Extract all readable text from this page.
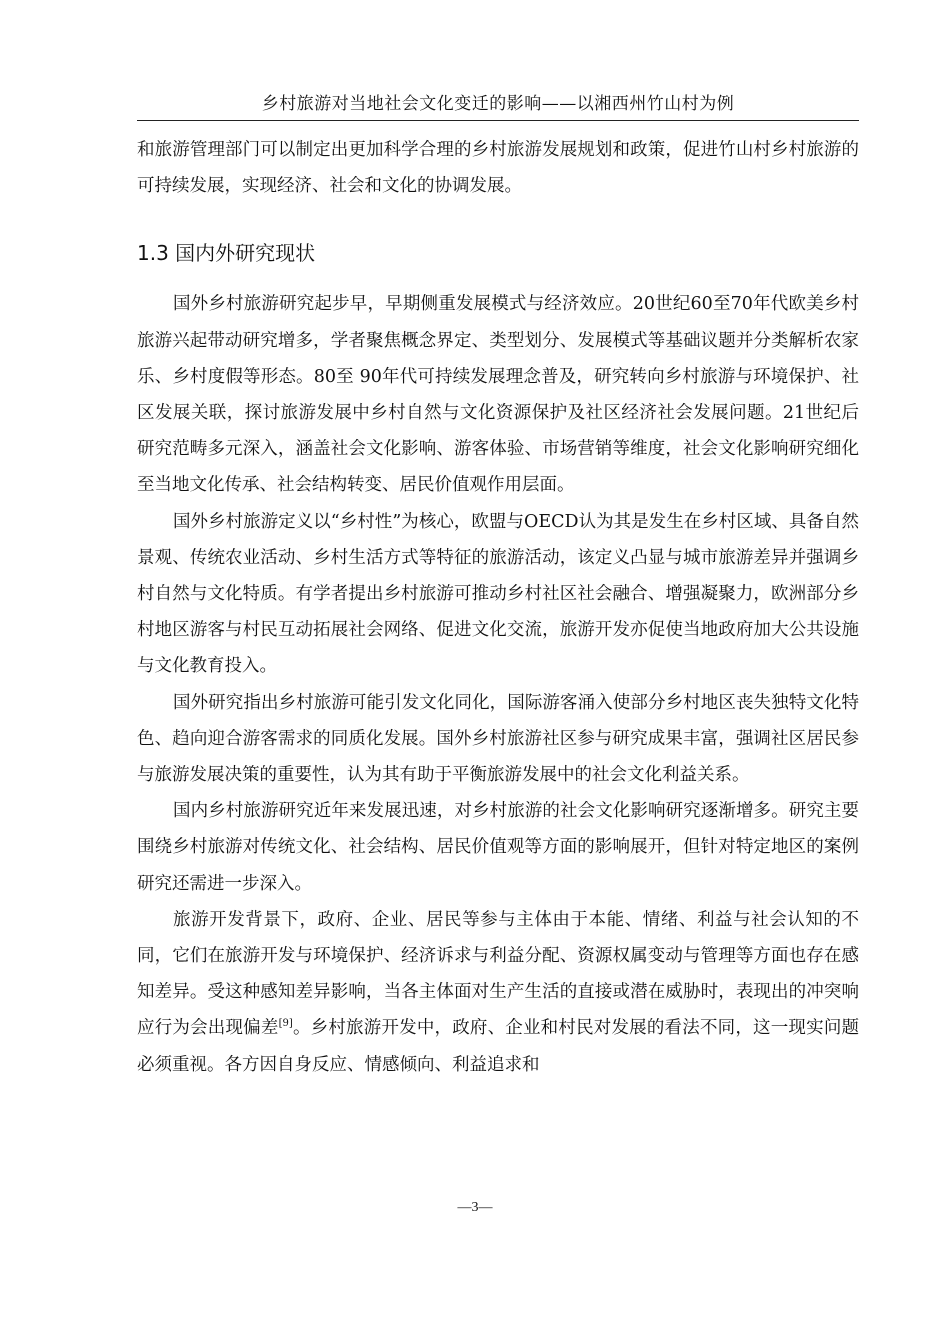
乡村旅游对当地社会文化变迁的影响——以湘西州竹山村为例

和旅游管理部门可以制定出更加科学合理的乡村旅游发展规划和政策，促进竹山村乡村旅游的可持续发展，实现经济、社会和文化的协调发展。

1.3 国内外研究现状

国外乡村旅游研究起步早，早期侧重发展模式与经济效应。20世纪60至70年代欧美乡村旅游兴起带动研究增多，学者聚焦概念界定、类型划分、发展模式等基础议题并分类解析农家乐、乡村度假等形态。80至 90年代可持续发展理念普及，研究转向乡村旅游与环境保护、社区发展关联，探讨旅游发展中乡村自然与文化资源保护及社区经济社会发展问题。21世纪后研究范畴多元深入，涵盖社会文化影响、游客体验、市场营销等维度，社会文化影响研究细化至当地文化传承、社会结构转变、居民价值观作用层面。

国外乡村旅游定义以“乡村性”为核心，欧盟与OECD认为其是发生在乡村区域、具备自然景观、传统农业活动、乡村生活方式等特征的旅游活动，该定义凸显与城市旅游差异并强调乡村自然与文化特质。有学者提出乡村旅游可推动乡村社区社会融合、增强凝聚力，欧洲部分乡村地区游客与村民互动拓展社会网络、促进文化交流，旅游开发亦促使当地政府加大公共设施与文化教育投入。

国外研究指出乡村旅游可能引发文化同化，国际游客涌入使部分乡村地区丧失独特文化特色、趋向迎合游客需求的同质化发展。国外乡村旅游社区参与研究成果丰富，强调社区居民参与旅游发展决策的重要性，认为其有助于平衡旅游发展中的社会文化利益关系。

国内乡村旅游研究近年来发展迅速，对乡村旅游的社会文化影响研究逐渐增多。研究主要围绕乡村旅游对传统文化、社会结构、居民价值观等方面的影响展开，但针对特定地区的案例研究还需进一步深入。

旅游开发背景下，政府、企业、居民等参与主体由于本能、情绪、利益与社会认知的不同，它们在旅游开发与环境保护、经济诉求与利益分配、资源权属变动与管理等方面也存在感知差异。受这种感知差异影响，当各主体面对生产生活的直接或潜在威胁时，表现出的冲突响应行为会出现偏差[9]。乡村旅游开发中，政府、企业和村民对发展的看法不同，这一现实问题必须重视。各方因自身反应、情感倾向、利益追求和

—3—
